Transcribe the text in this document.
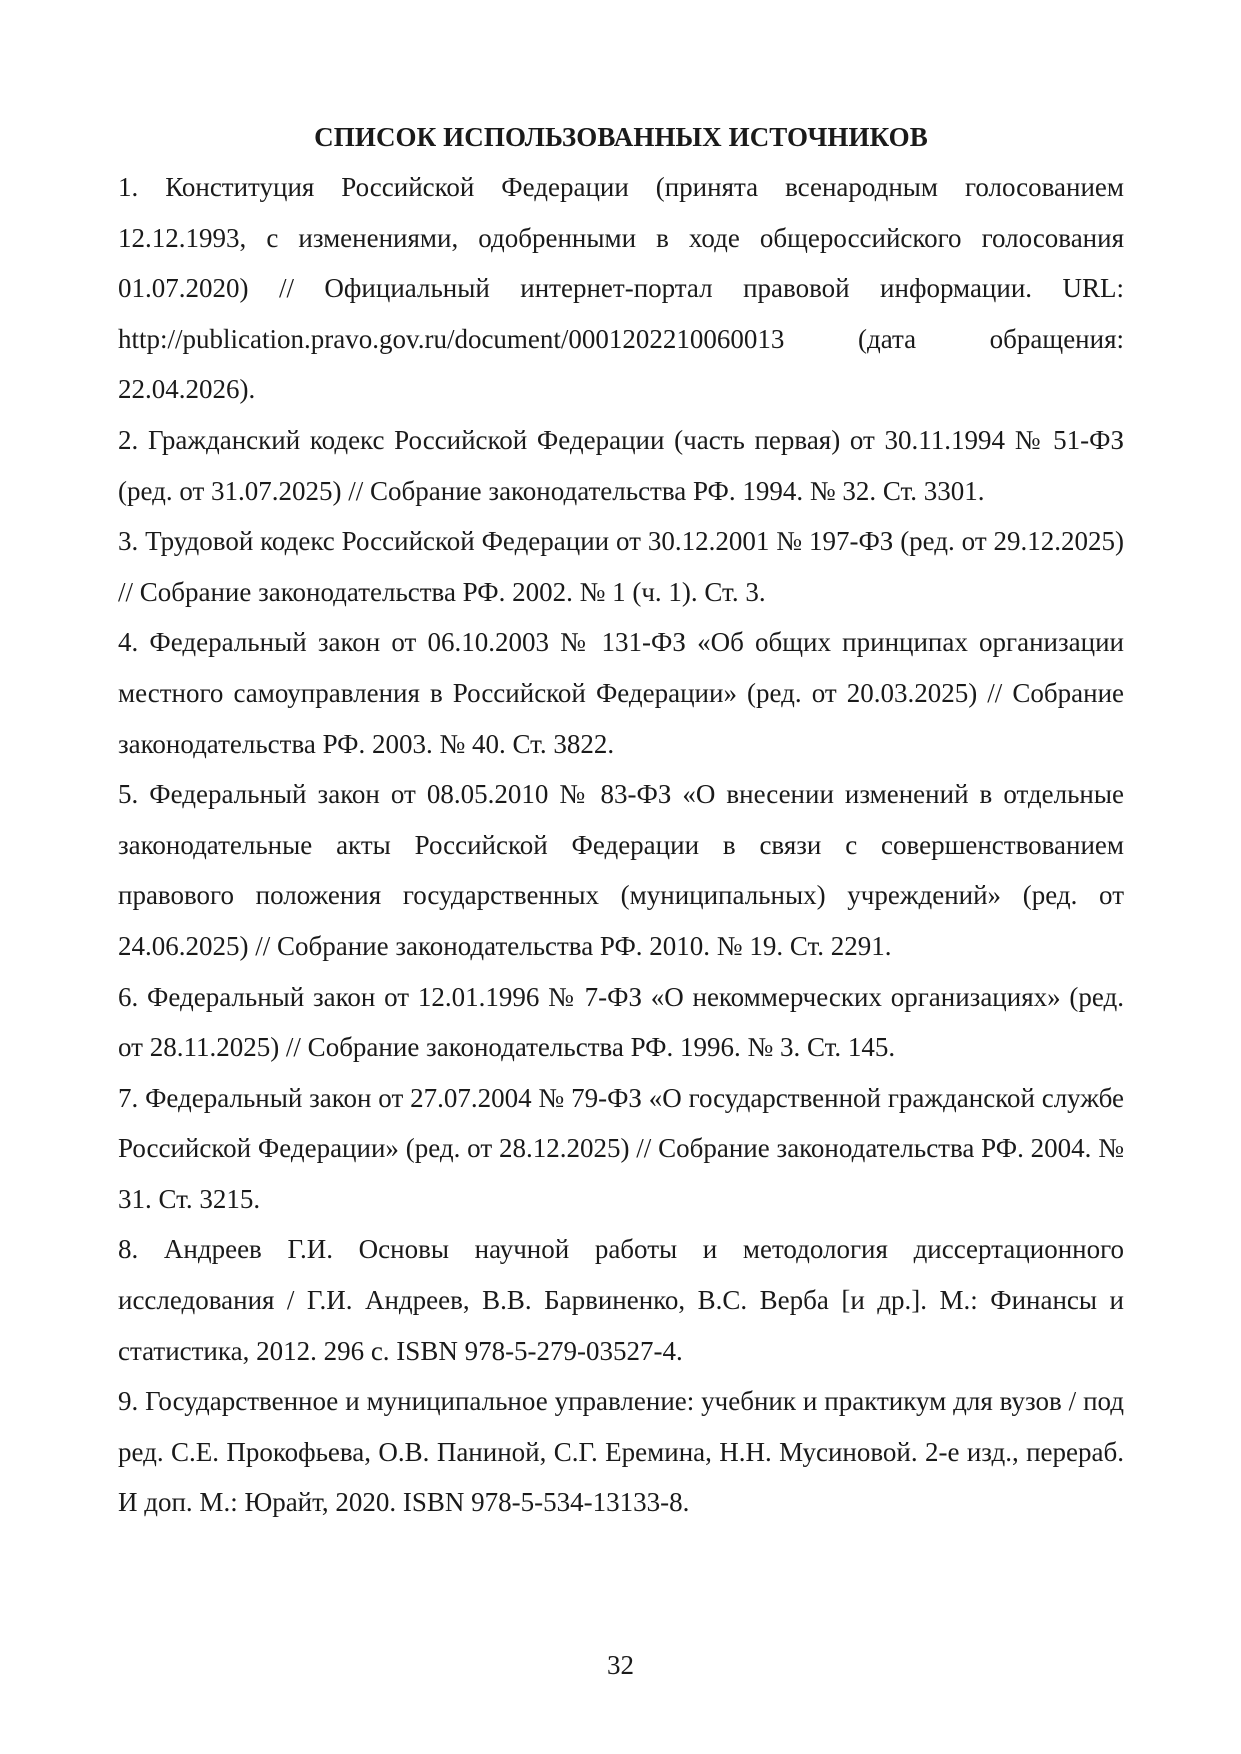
СПИСОК ИСПОЛЬЗОВАННЫХ ИСТОЧНИКОВ
1. Конституция Российской Федерации (принята всенародным голосованием 12.12.1993, с изменениями, одобренными в ходе общероссийского голосования 01.07.2020) // Официальный интернет-портал правовой информации. URL: http://publication.pravo.gov.ru/document/0001202210060013 (дата обращения: 22.04.2026).
2. Гражданский кодекс Российской Федерации (часть первая) от 30.11.1994 № 51-ФЗ (ред. от 31.07.2025) // Собрание законодательства РФ. 1994. № 32. Ст. 3301.
3. Трудовой кодекс Российской Федерации от 30.12.2001 № 197-ФЗ (ред. от 29.12.2025) // Собрание законодательства РФ. 2002. № 1 (ч. 1). Ст. 3.
4. Федеральный закон от 06.10.2003 № 131-ФЗ «Об общих принципах организации местного самоуправления в Российской Федерации» (ред. от 20.03.2025) // Собрание законодательства РФ. 2003. № 40. Ст. 3822.
5. Федеральный закон от 08.05.2010 № 83-ФЗ «О внесении изменений в отдельные законодательные акты Российской Федерации в связи с совершенствованием правового положения государственных (муниципальных) учреждений» (ред. от 24.06.2025) // Собрание законодательства РФ. 2010. № 19. Ст. 2291.
6. Федеральный закон от 12.01.1996 № 7-ФЗ «О некоммерческих организациях» (ред. от 28.11.2025) // Собрание законодательства РФ. 1996. № 3. Ст. 145.
7. Федеральный закон от 27.07.2004 № 79-ФЗ «О государственной гражданской службе Российской Федерации» (ред. от 28.12.2025) // Собрание законодательства РФ. 2004. № 31. Ст. 3215.
8. Андреев Г.И. Основы научной работы и методология диссертационного исследования / Г.И. Андреев, В.В. Барвиненко, В.С. Верба [и др.]. М.: Финансы и статистика, 2012. 296 с. ISBN 978-5-279-03527-4.
9. Государственное и муниципальное управление: учебник и практикум для вузов / под ред. С.Е. Прокофьева, О.В. Паниной, С.Г. Еремина, Н.Н. Мусиновой. 2-е изд., перераб. И доп. М.: Юрайт, 2020. ISBN 978-5-534-13133-8.
32
